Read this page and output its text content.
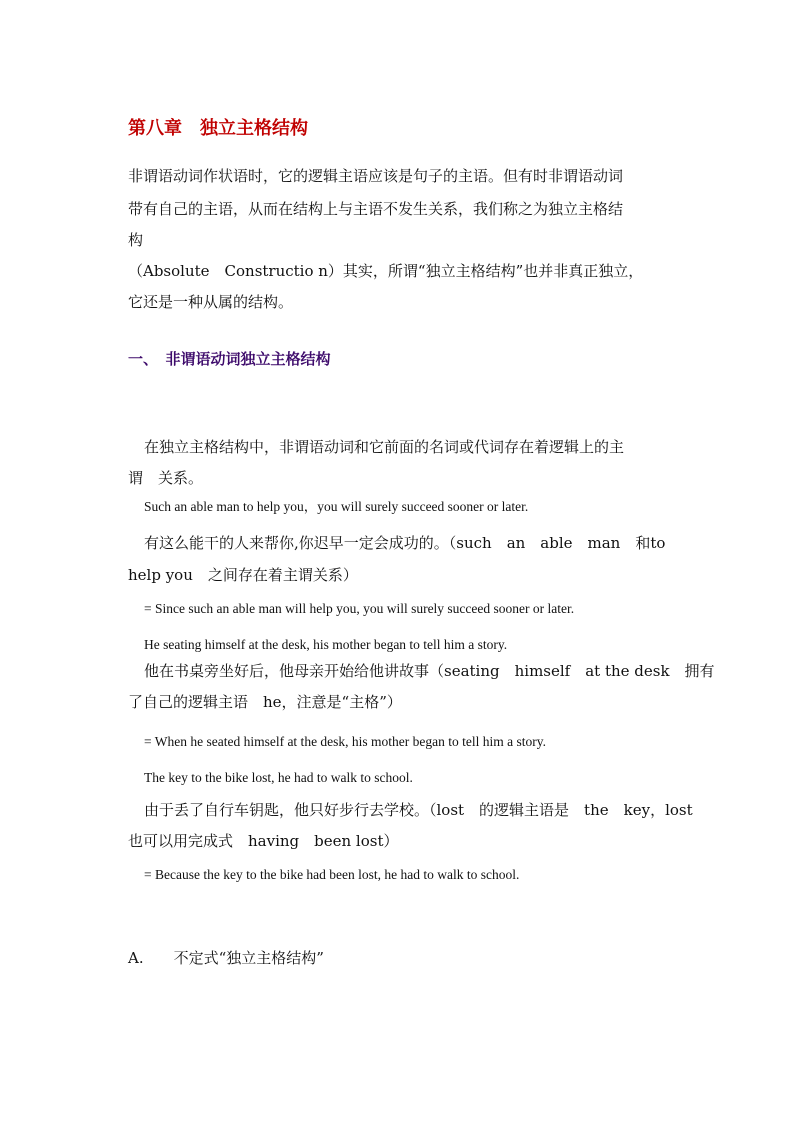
第八章　独立主格结构
非谓语动词作状语时，它的逻辑主语应该是句子的主语。但有时非谓语动词
带有自己的主语，从而在结构上与主语不发生关系，我们称之为独立主格结
构
（Absolute　Constructio n）其实，所谓“独立主格结构”也并非真正独立，
它还是一种从属的结构。
一、　非谓语动词独立主格结构
在独立主格结构中，非谓语动词和它前面的名词或代词存在着逻辑上的主
谓　关系。
Such an able man to help you，you will surely succeed sooner or later.
有这么能干的人来帮你,你迟早一定会成功的。（such　an　able　man　和to
help you　之间存在着主谓关系）
= Since such an able man will help you, you will surely succeed sooner or later.
He seating himself at the desk, his mother began to tell him a story.
他在书桌旁坐好后，他母亲开始给他讲故事（seating　himself　at the desk　拥有
了自己的逻辑主语　he，注意是“主格”）
= When he seated himself at the desk, his mother began to tell him a story.
The key to the bike lost, he had to walk to school.
由于丢了自行车钥匙，他只好步行去学校。（lost　的逻辑主语是　the　key，lost
也可以用完成式　having　been lost）
= Because the key to the bike had been lost, he had to walk to school.
A.　　不定式“独立主格结构”
